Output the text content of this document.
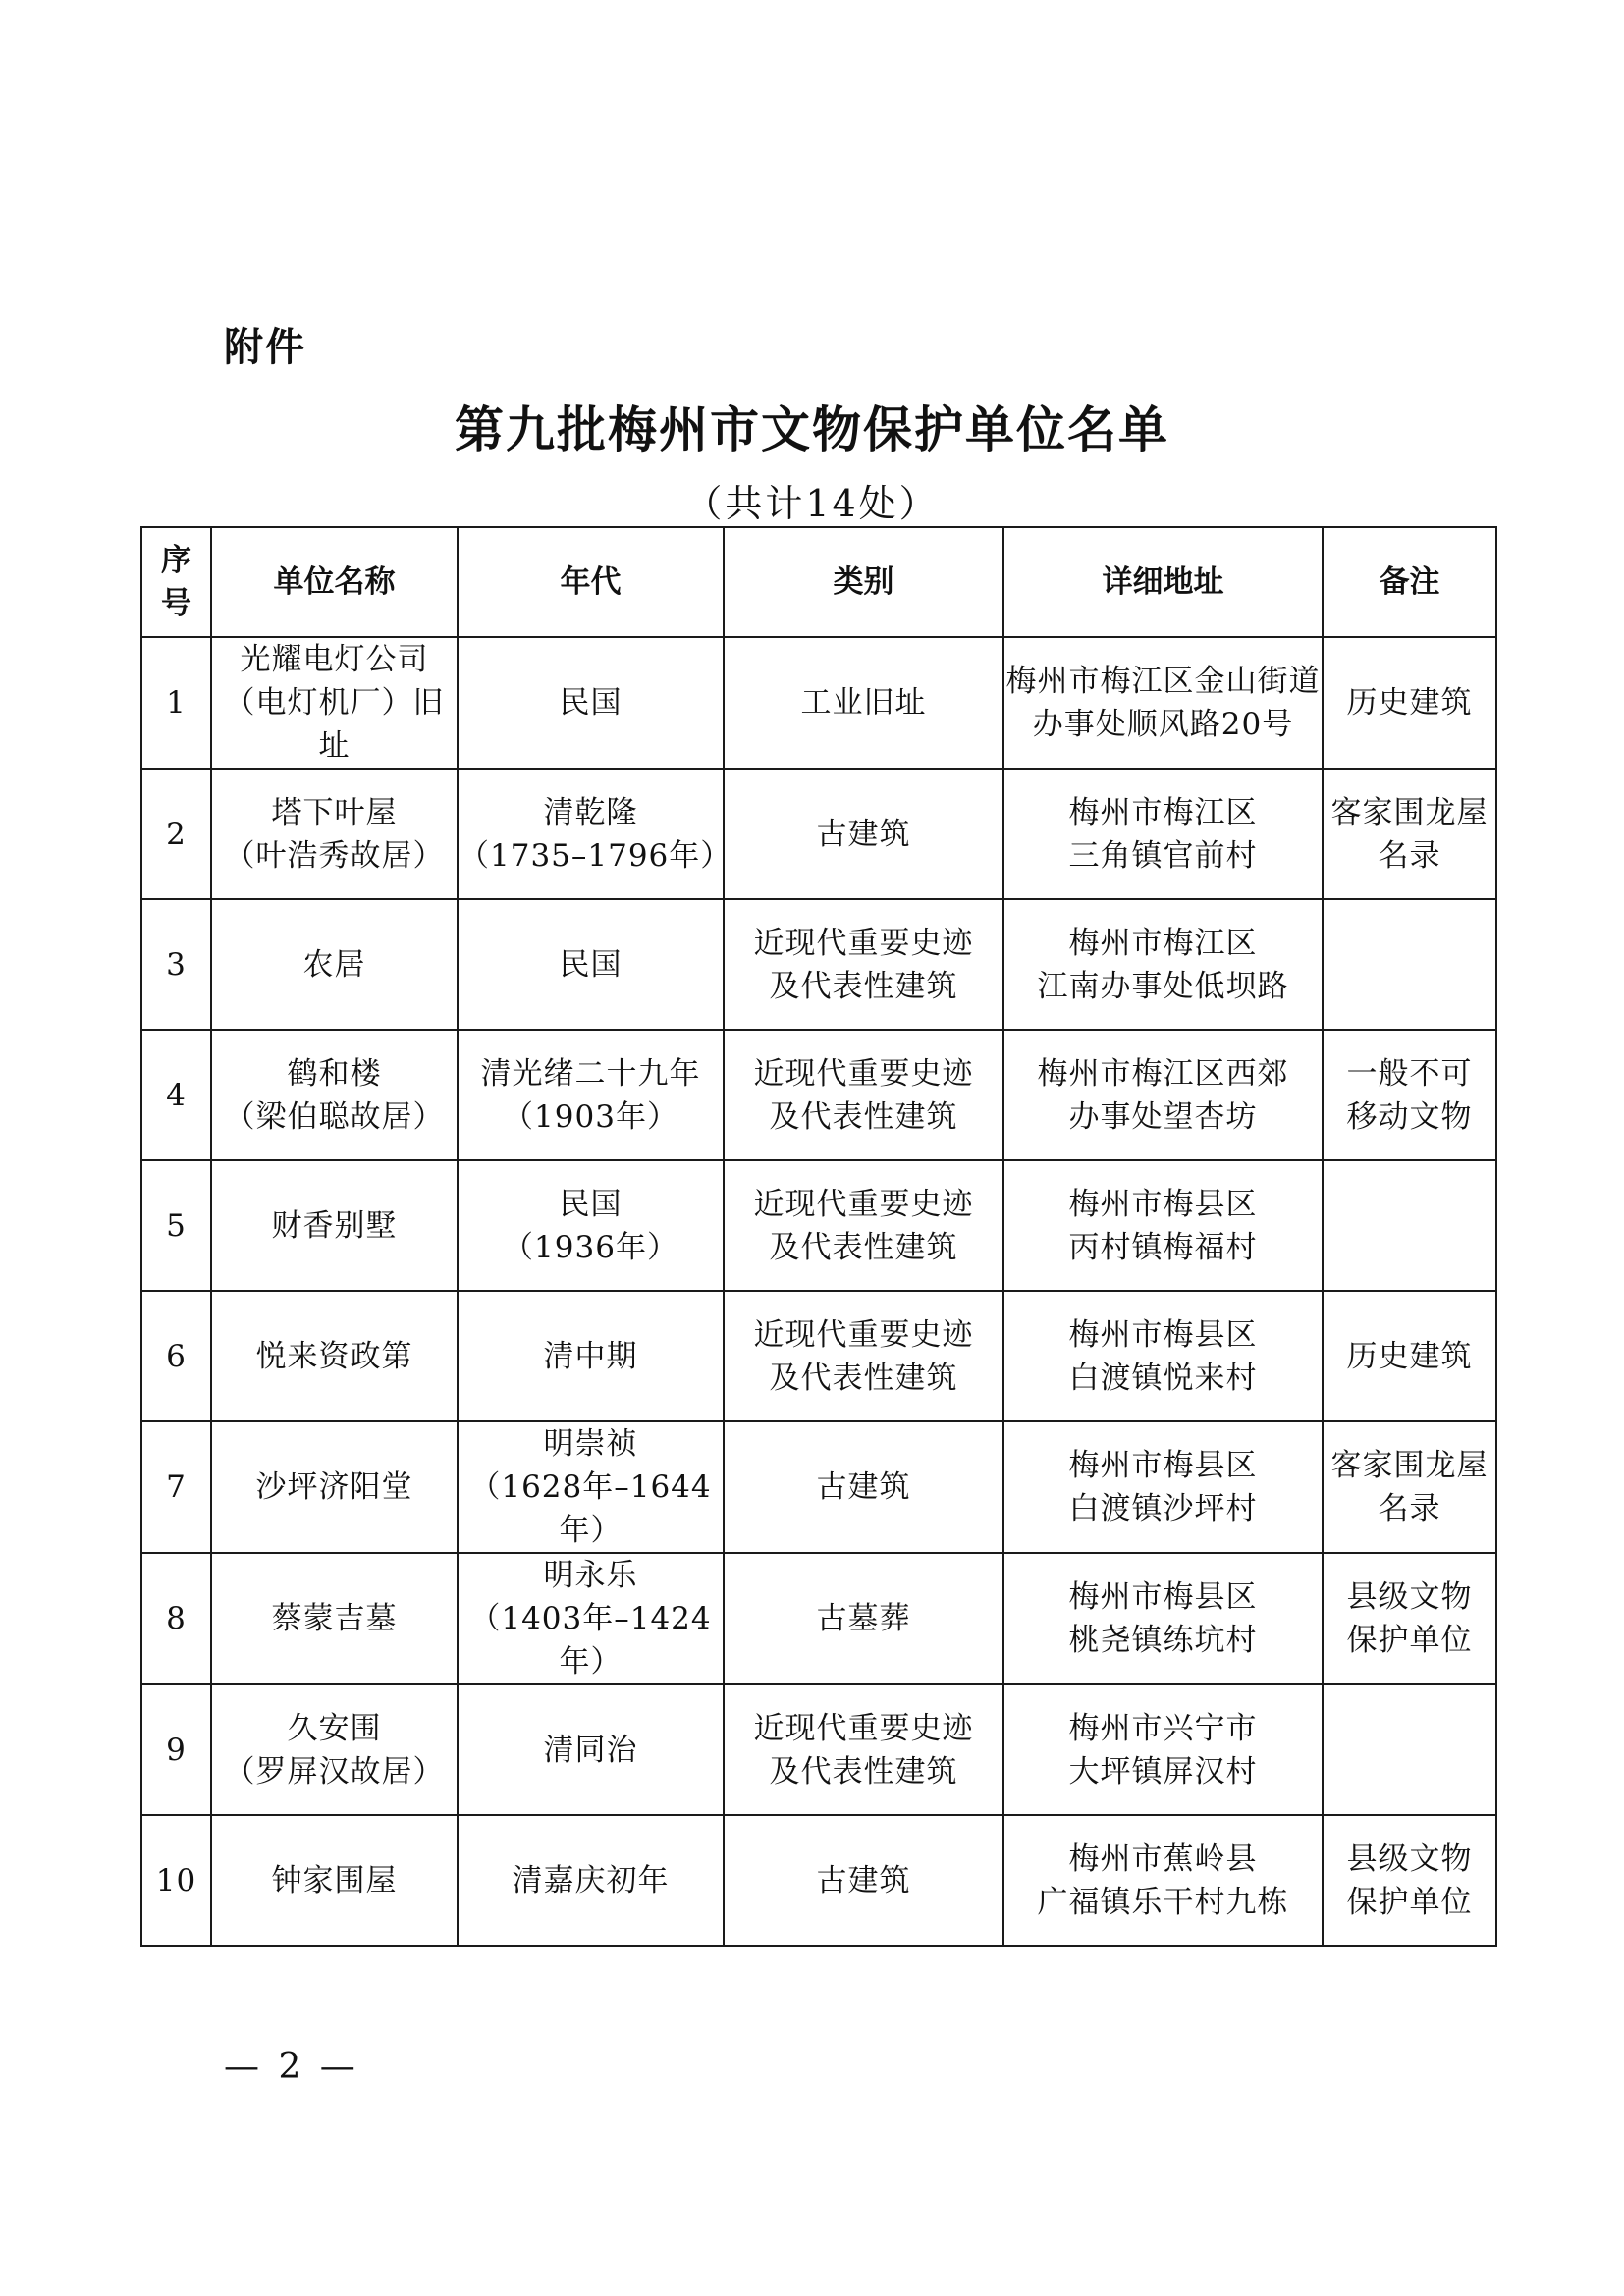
附件
第九批梅州市文物保护单位名单
（共计14处）
序
号	单位名称	年代	类别	详细地址	备注

1	光耀电灯公司
（电灯机厂）旧址	民国	工业旧址	梅州市梅江区金山街道
办事处顺风路20号	历史建筑

2	塔下叶屋
（叶浩秀故居）	清乾隆
（1735–1796年）	古建筑	梅州市梅江区
三角镇官前村	客家围龙屋
名录

3	农居	民国	近现代重要史迹
及代表性建筑	梅州市梅江区
江南办事处低坝路	

4	鹤和楼
（梁伯聪故居）	清光绪二十九年
（1903年）	近现代重要史迹
及代表性建筑	梅州市梅江区西郊
办事处望杏坊	一般不可
移动文物

5	财香别墅	民国
（1936年）	近现代重要史迹
及代表性建筑	梅州市梅县区
丙村镇梅福村	

6	悦来资政第	清中期	近现代重要史迹
及代表性建筑	梅州市梅县区
白渡镇悦来村	历史建筑

7	沙坪济阳堂	明崇祯
（1628年–1644年）	古建筑	梅州市梅县区
白渡镇沙坪村	客家围龙屋
名录

8	蔡蒙吉墓	明永乐
（1403年–1424年）	古墓葬	梅州市梅县区
桃尧镇练坑村	县级文物
保护单位

9	久安围
（罗屏汉故居）	清同治	近现代重要史迹
及代表性建筑	梅州市兴宁市
大坪镇屏汉村	

10	钟家围屋	清嘉庆初年	古建筑	梅州市蕉岭县
广福镇乐干村九栋	县级文物
保护单位
— 2 —
